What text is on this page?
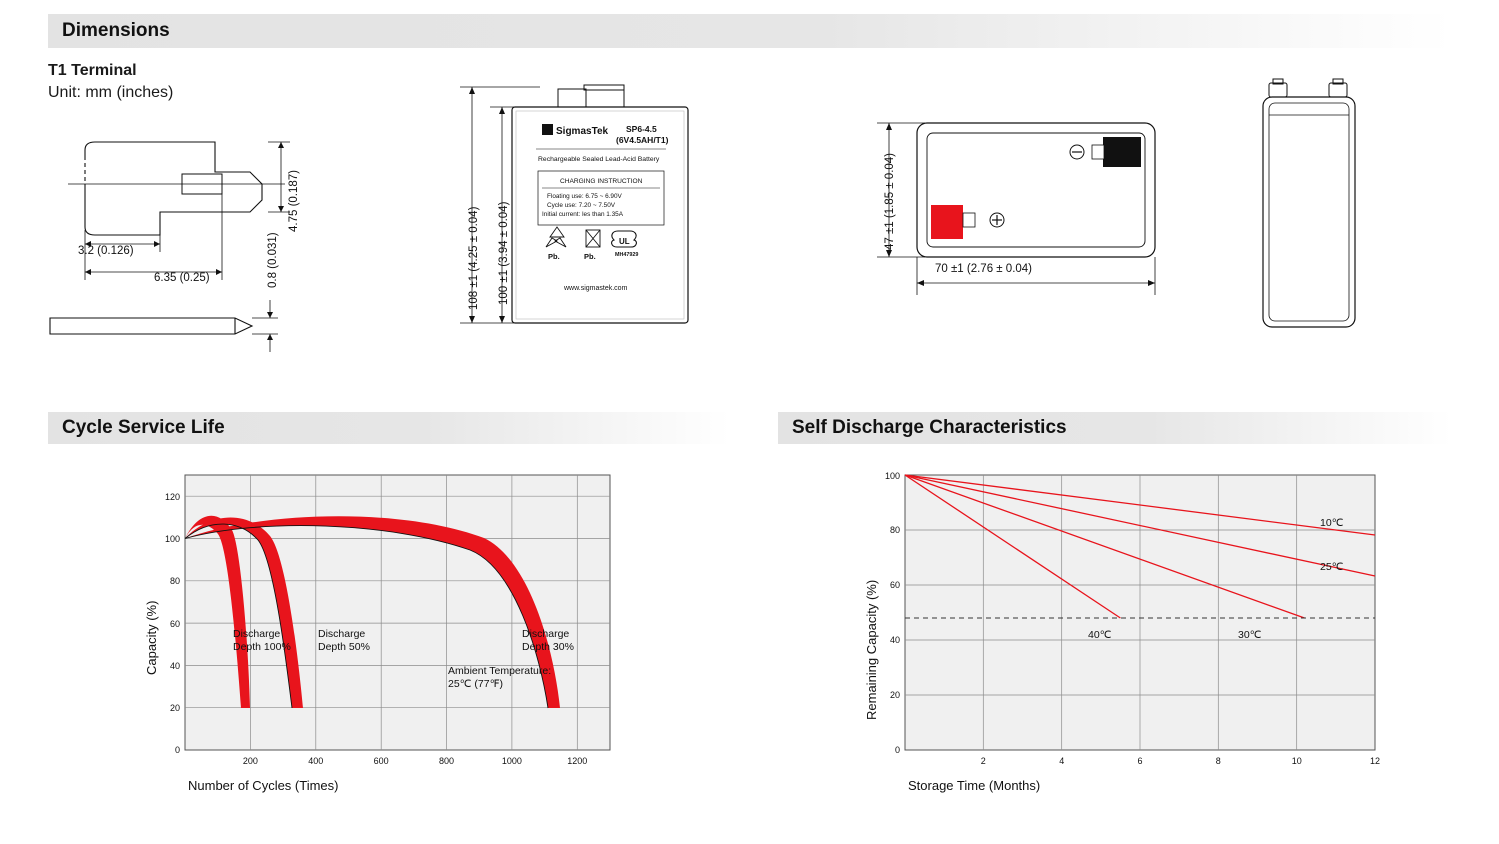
Dimensions
Cycle Service Life	Self Discharge Characteristics
T1 Terminal
Unit: mm (inches)
4.75 (0.187)
3.2 (0.126)
6.35 (0.25)	0.8 (0.031)
SigmasTek SP6-4.5
(6V4.5AH/T1)
Rechargeable Sealed Lead-Acid Battery
CHARGING INSTRUCTION
Floating use: 6.75 ~ 6.90V
Cycle use: 7.20 ~ 7.50V
Initial current: les than 1.35A
Pb.	Pb.
UL
MH47929
www.sigmastek.com
108 ±1 (4.25 ± 0.04) 100 ±1 (3.94 ± 0.04)
47 ±1 (1.85 ± 0.04)
70 ±1 (2.76 ± 0.04)
0
20
40
60
80
100
120
200	400	600	800	1000	1200
Discharge
Depth 100%
Discharge
Depth 50%
Discharge
Depth 30%
Ambient Temperature:
25℃ (77℉)
Capacity (%)
Number of Cycles (Times)
10℃
25℃
30℃
40℃
0
20
40
60
80
100
2	4	6	8	10	12
Remaining Capacity (%)
Storage Time (Months)
